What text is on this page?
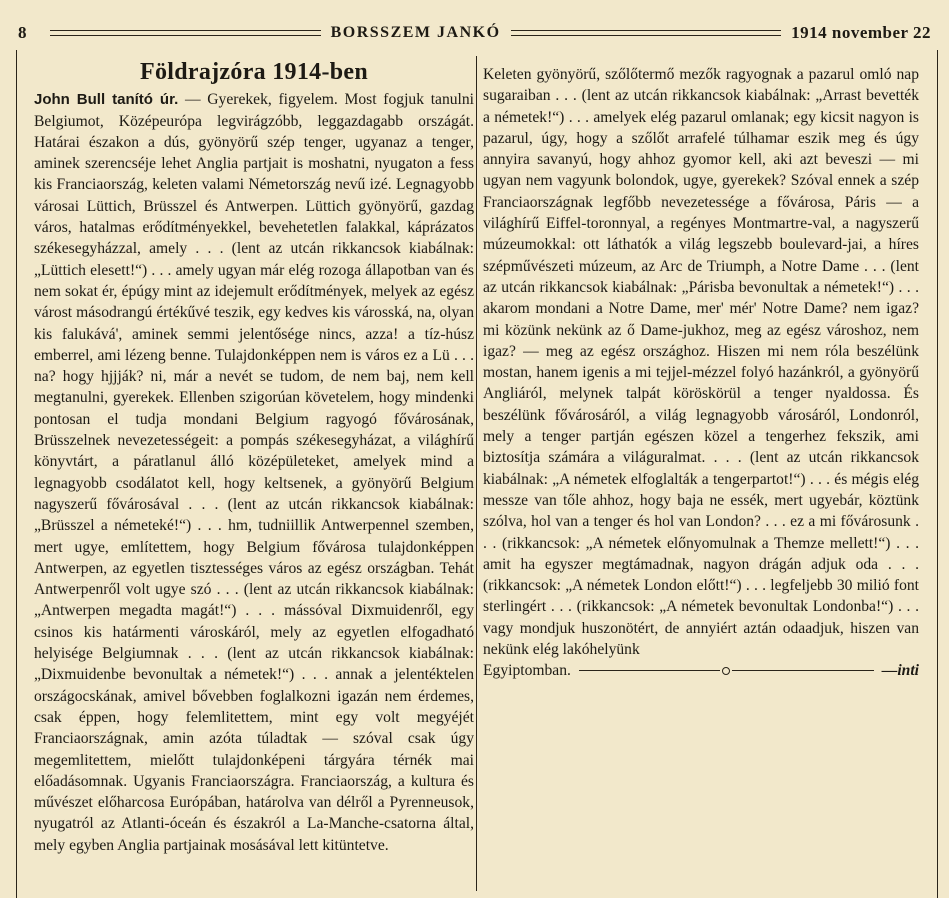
8	BORSSZEM JANKÓ	1914 november 22
Földrajzóra 1914-ben

John Bull tanító úr. — Gyerekek, figyelem. Most fogjuk tanulni Belgiumot, Középeurópa legvirágzóbb, leggazdagabb országát. Határai északon a dús, gyönyörű szép tenger, ugyanaz a tenger, aminek szerencséje lehet Anglia partjait is moshatni, nyugaton a fess kis Franciaország, keleten valami Németország nevű izé. Legnagyobb városai Lüttich, Brüsszel és Antwerpen. Lüttich gyönyörű, gazdag város, hatalmas erődítményekkel, bevehetetlen falakkal, káprázatos székesegyházzal, amely . . . (lent az utcán rikkancsok kiabálnak: „Lüttich elesett!“) . . . amely ugyan már elég rozoga állapotban van és nem sokat ér, épúgy mint az idejemult erődítmények, melyek az egész várost másodrangú értékűvé teszik, egy kedves kis városská, na, olyan kis falukává', aminek semmi jelentősége nincs, azza! a tíz-húsz emberrel, ami lézeng benne. Tulajdonképpen nem is város ez a Lü . . . na? hogy hjjják? ni, már a nevét se tudom, de nem baj, nem kell megtanulni, gyerekek. Ellenben szigorúan követelem, hogy mindenki pontosan el tudja mondani Belgium ragyogó fővárosának, Brüsszelnek nevezetességeit: a pompás székesegyházat, a világhírű könyvtárt, a páratlanul álló középületeket, amelyek mind a legnagyobb csodálatot kell, hogy keltsenek, a gyönyörű Belgium nagyszerű fővárosával . . . (lent az utcán rikkancsok kiabálnak: „Brüsszel a németeké!“) . . . hm, tudniillik Antwerpennel szemben, mert ugye, említettem, hogy Belgium fővárosa tulajdonképpen Antwerpen, az egyetlen tisztességes város az egész országban. Tehát Antwerpenről volt ugye szó . . . (lent az utcán rikkancsok kiabálnak: „Antwerpen megadta magát!“) . . . mássóval Dixmuidenről, egy csinos kis határmenti városkáról, mely az egyetlen elfogadható helyisége Belgiumnak . . . (lent az utcán rikkancsok kiabálnak: „Dixmuidenbe bevonultak a németek!“) . . . annak a jelentéktelen országocskának, amivel bővebben foglalkozni igazán nem érdemes, csak éppen, hogy felemlitettem, mint egy volt megyéjét Franciaországnak, amin azóta túladtak — szóval csak úgy megemlitettem, mielőtt tulajdonképeni tárgyára térnék mai előadásomnak. Ugyanis Franciaországra. Franciaország, a kultura és művészet előharcosa Európában, határolva van délről a Pyrenneusok, nyugatról az Atlanti-óceán és északról a La-Manche-csatorna által, mely egyben Anglia partjainak mosásával lett kitüntetve.

Keleten gyönyörű, szőlőtermő mezők ragyognak a pazarul omló nap sugaraiban . . . (lent az utcán rikkancsok kiabálnak: „Arrast bevették a németek!“) . . . amelyek elég pazarul omlanak; egy kicsit nagyon is pazarul, úgy, hogy a szőlőt arrafelé túlhamar eszik meg és úgy annyira savanyú, hogy ahhoz gyomor kell, aki azt beveszi — mi ugyan nem vagyunk bolondok, ugye, gyerekek? Szóval ennek a szép Franciaországnak legfőbb nevezetessége a fővárosa, Páris — a világhírű Eiffel-toronnyal, a regényes Montmartre-val, a nagyszerű múzeumokkal: ott láthatók a világ legszebb boulevard-jai, a híres szépművészeti múzeum, az Arc de Triumph, a Notre Dame . . . (lent az utcán rikkancsok kiabálnak: „Párisba bevonultak a németek!“) . . . akarom mondani a Notre Dame, mer' mér' Notre Dame? nem igaz? mi közünk nekünk az ő Dame-jukhoz, meg az egész városhoz, nem igaz? — meg az egész országhoz. Hiszen mi nem róla beszélünk mostan, hanem igenis a mi tejjel-mézzel folyó hazánkról, a gyönyörű Angliáról, melynek talpát köröskörül a tenger nyaldossa. És beszélünk fővárosáról, a világ legnagyobb városáról, Londonról, mely a tenger partján egészen közel a tengerhez fekszik, ami biztosítja számára a világuralmat. . . . (lent az utcán rikkancsok kiabálnak: „A németek elfoglalták a tengerpartot!“) . . . és mégis elég messze van tőle ahhoz, hogy baja ne essék, mert ugyebár, köztünk szólva, hol van a tenger és hol van London? . . . ez a mi fővárosunk . . . (rikkancsok: „A németek előnyomulnak a Themze mellett!“) . . . amit ha egyszer megtámadnak, nagyon drágán adjuk oda . . . (rikkancsok: „A németek London előtt!“) . . . legfeljebb 30 milió font sterlingért . . . (rikkancsok: „A németek bevonultak Londonba!“) . . . vagy mondjuk huszonötért, de annyiért aztán odaadjuk, hiszen van nekünk elég lakóhelyünk

Egyiptomban.	—inti
